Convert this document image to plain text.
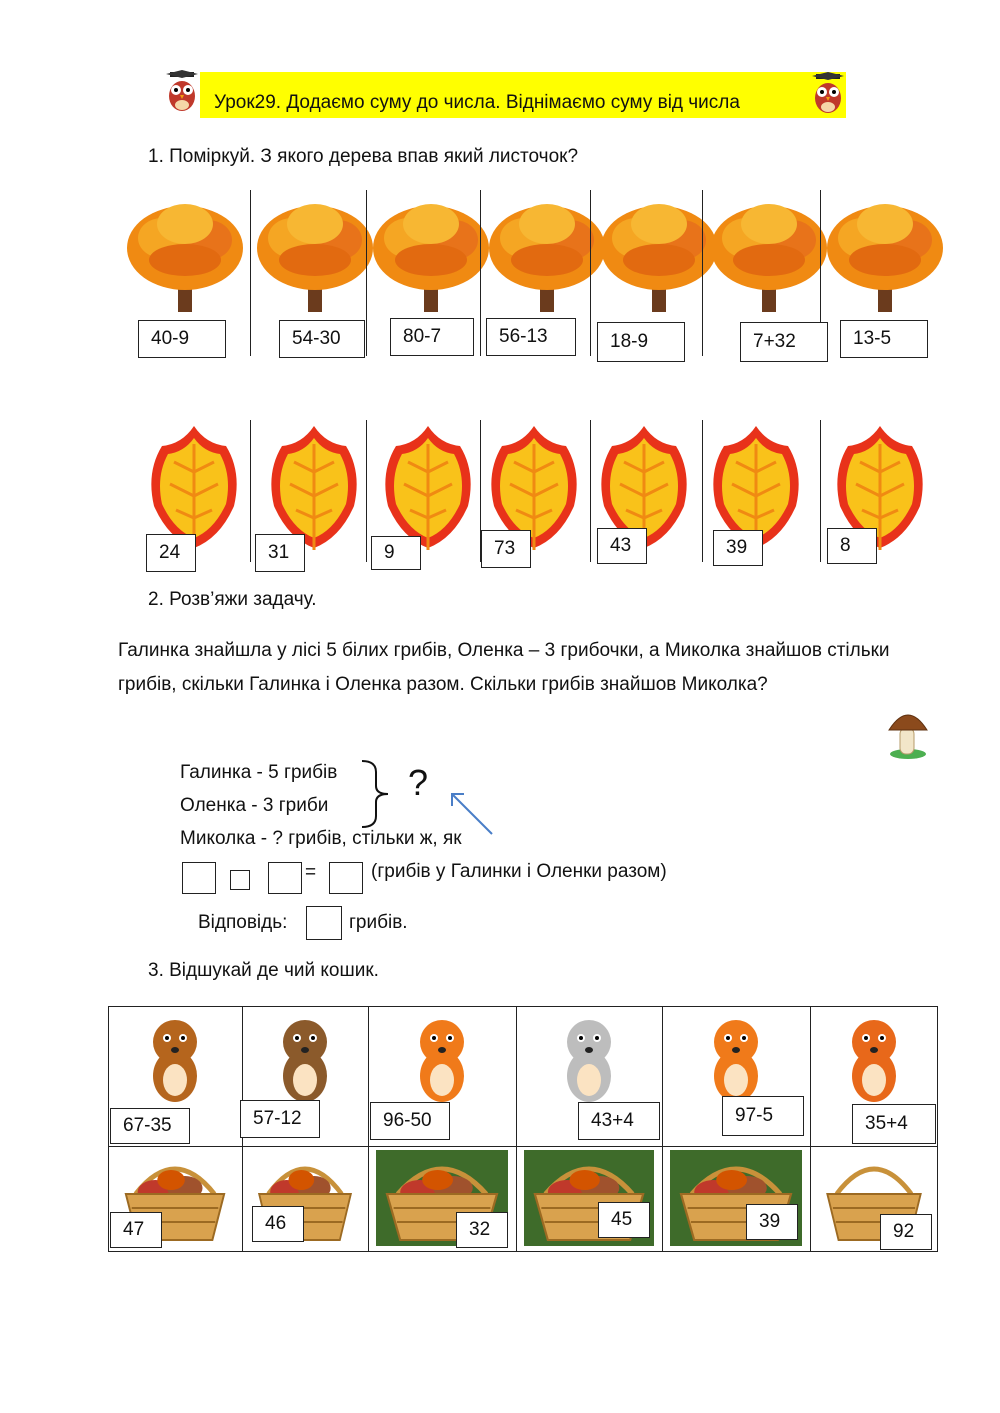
Урок29. Додаємо суму до числа. Віднімаємо суму від числа
1. Поміркуй. З якого дерева впав який листочок?
40-9	54-30	80-7	56-13	18-9	7+32	13-5
24	31	9	73	43	39	8
2. Розв’яжи задачу.
Галинка знайшла у лісі 5 білих грибів, Оленка – 3 грибочки, а Миколка знайшов стільки грибів, скільки Галинка і Оленка разом. Скільки грибів знайшов Миколка?
Галинка - 5 грибів
Оленка - 3 гриби
Миколка - ? грибів, стільки ж, як
?
=	(грибів у Галинки і Оленки разом)
Відповідь:	грибів.
3. Відшукай де чий кошик.
67-35	57-12	96-50	43+4	97-5	35+4
47	46	32	45	39	92
